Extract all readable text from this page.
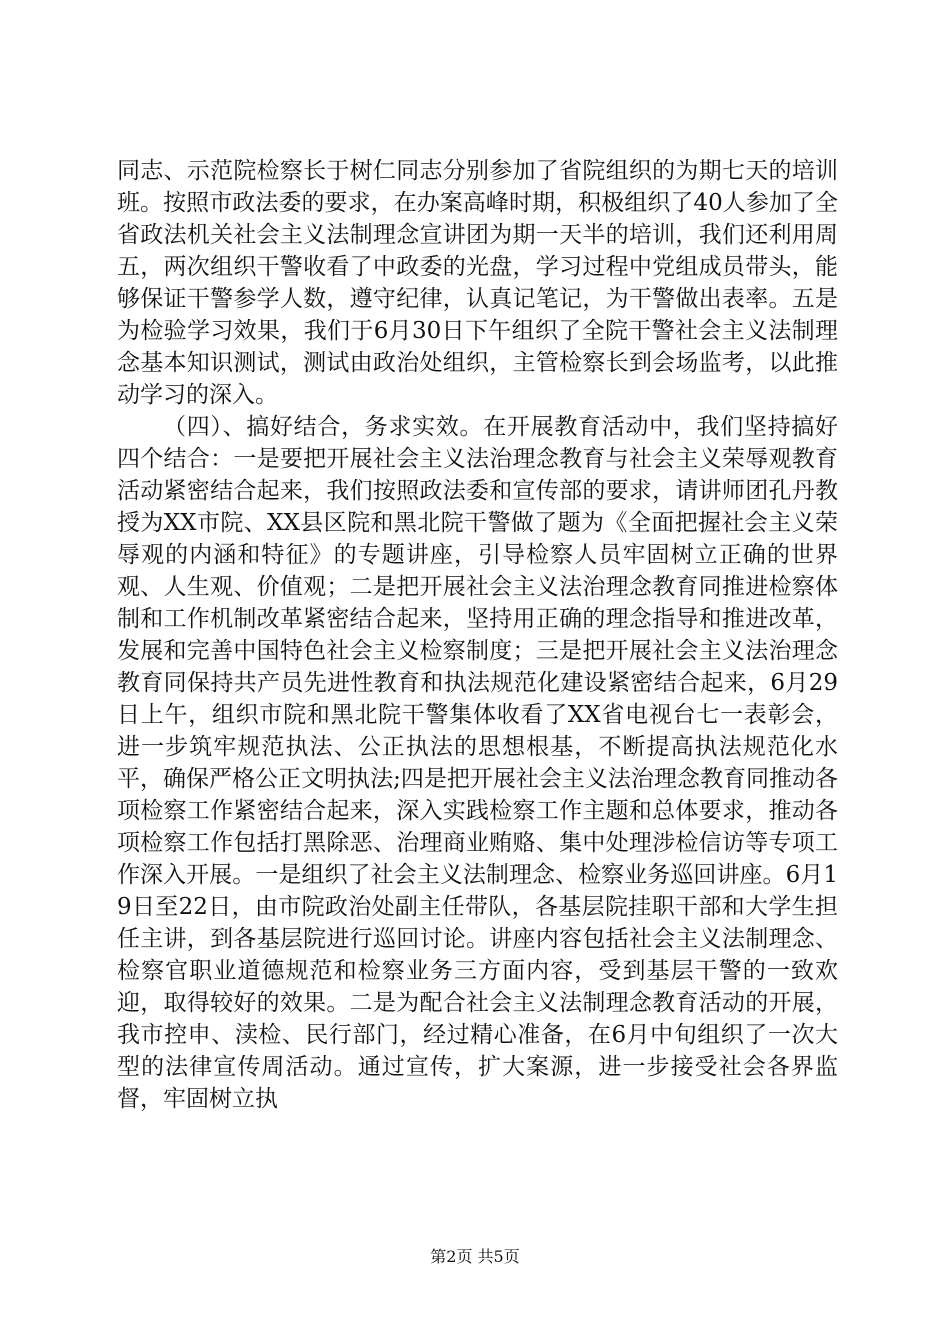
同志、示范院检察长于树仁同志分别参加了省院组织的为期七天的培训班。按照市政法委的要求，在办案高峰时期，积极组织了40人参加了全省政法机关社会主义法制理念宣讲团为期一天半的培训，我们还利用周五，两次组织干警收看了中政委的光盘，学习过程中党组成员带头，能够保证干警参学人数，遵守纪律，认真记笔记，为干警做出表率。五是为检验学习效果，我们于6月30日下午组织了全院干警社会主义法制理念基本知识测试，测试由政治处组织，主管检察长到会场监考，以此推动学习的深入。

（四）、搞好结合，务求实效。在开展教育活动中，我们坚持搞好四个结合：一是要把开展社会主义法治理念教育与社会主义荣辱观教育活动紧密结合起来，我们按照政法委和宣传部的要求，请讲师团孔丹教授为XX市院、XX县区院和黑北院干警做了题为《全面把握社会主义荣辱观的内涵和特征》的专题讲座，引导检察人员牢固树立正确的世界观、人生观、价值观；二是把开展社会主义法治理念教育同推进检察体制和工作机制改革紧密结合起来，坚持用正确的理念指导和推进改革，发展和完善中国特色社会主义检察制度；三是把开展社会主义法治理念教育同保持共产员先进性教育和执法规范化建设紧密结合起来，6月29日上午，组织市院和黑北院干警集体收看了XX省电视台七一表彰会，进一步筑牢规范执法、公正执法的思想根基，不断提高执法规范化水平，确保严格公正文明执法;四是把开展社会主义法治理念教育同推动各项检察工作紧密结合起来，深入实践检察工作主题和总体要求，推动各项检察工作包括打黑除恶、治理商业贿赂、集中处理涉检信访等专项工作深入开展。一是组织了社会主义法制理念、检察业务巡回讲座。6月19日至22日，由市院政治处副主任带队，各基层院挂职干部和大学生担任主讲，到各基层院进行巡回讨论。讲座内容包括社会主义法制理念、检察官职业道德规范和检察业务三方面内容，受到基层干警的一致欢迎，取得较好的效果。二是为配合社会主义法制理念教育活动的开展，我市控申、渎检、民行部门，经过精心准备，在6月中旬组织了一次大型的法律宣传周活动。通过宣传，扩大案源，进一步接受社会各界监督，牢固树立执

第2页 共5页
